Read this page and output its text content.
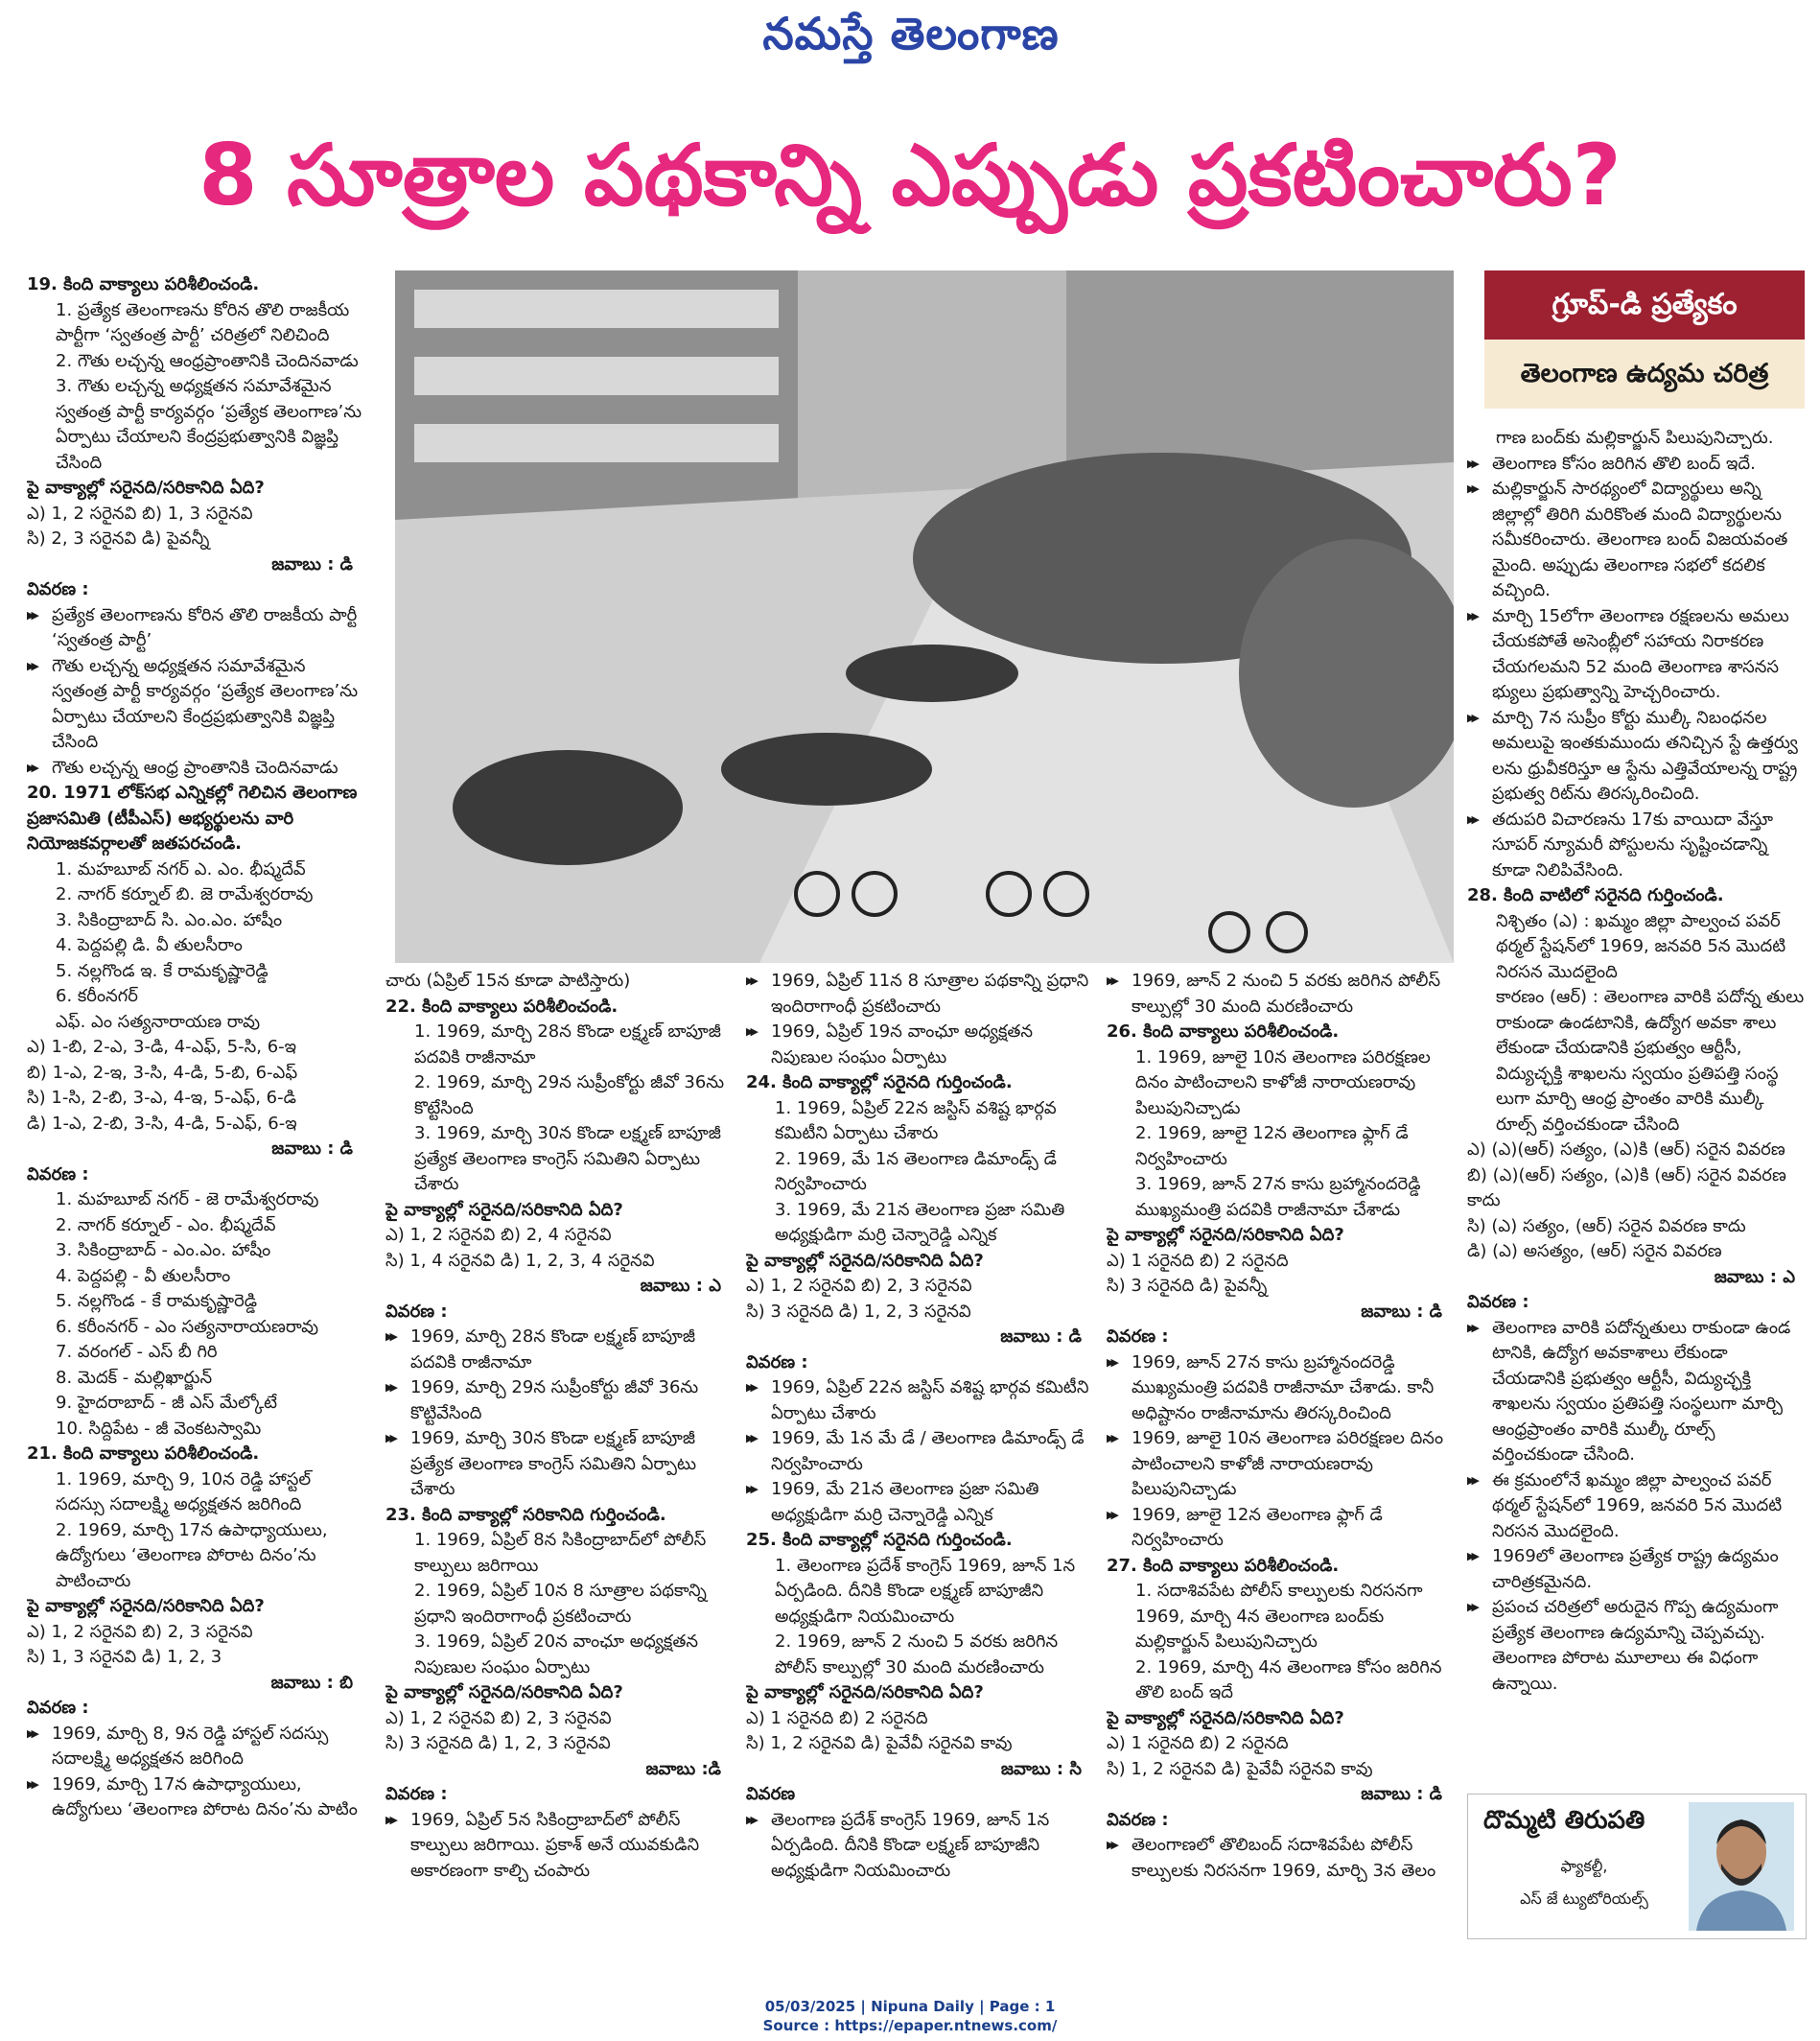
నమస్తే తెలంగాణ
8 సూత్రాల పథకాన్ని ఎప్పుడు ప్రకటించారు?

19. కింది వాక్యాలు పరిశీలించండి.

1. ప్రత్యేక తెలంగాణను కోరిన తొలి రాజకీయ పార్టీగా ‘స్వతంత్ర పార్టీ’ చరిత్రలో నిలిచింది

2. గౌతు లచ్చన్న ఆంధ్రప్రాంతానికి చెందినవాడు

3. గౌతు లచ్చన్న అధ్యక్షతన సమావేశమైన స్వతంత్ర పార్టీ కార్యవర్గం ‘ప్రత్యేక తెలంగాణ’ను ఏర్పాటు చేయాలని కేంద్రప్రభుత్వానికి విజ్ఞప్తి చేసింది

పై వాక్యాల్లో సరైనది/సరికానిది ఏది?

ఎ) 1, 2 సరైనవి బి) 1, 3 సరైనవి

సి) 2, 3 సరైనవి డి) పైవన్నీ

జవాబు : డి

వివరణ :

▶▶ ప్రత్యేక తెలంగాణను కోరిన తొలి రాజకీయ పార్టీ ‘స్వతంత్ర పార్టీ’

▶▶ గౌతు లచ్చన్న అధ్యక్షతన సమావేశమైన స్వతంత్ర పార్టీ కార్యవర్గం ‘ప్రత్యేక తెలంగాణ’ను ఏర్పాటు చేయాలని కేంద్రప్రభుత్వానికి విజ్ఞప్తి చేసింది

▶▶ గౌతు లచ్చన్న ఆంధ్ర ప్రాంతానికి చెందినవాడు

20. 1971 లోక్‌సభ ఎన్నికల్లో గెలిచిన తెలంగాణ ప్రజాసమితి (టీపీఎస్) అభ్యర్థులను వారి నియోజకవర్గాలతో జతపరచండి.

1. మహబూబ్ నగర్ ఎ. ఎం. భీష్మదేవ్

2. నాగర్ కర్నూల్ బి. జె రామేశ్వరరావు

3. సికింద్రాబాద్ సి. ఎం.ఎం. హాషీం

4. పెద్దపల్లి డి. వీ తులసీరాం

5. నల్లగొండ ఇ. కే రామకృష్ణారెడ్డి

6. కరీంనగర్

ఎఫ్. ఎం సత్యనారాయణ రావు

ఎ) 1-బి, 2-ఎ, 3-డి, 4-ఎఫ్, 5-సి, 6-ఇ

బి) 1-ఎ, 2-ఇ, 3-సి, 4-డి, 5-బి, 6-ఎఫ్

సి) 1-సి, 2-బి, 3-ఎ, 4-ఇ, 5-ఎఫ్, 6-డి

డి) 1-ఎ, 2-బి, 3-సి, 4-డి, 5-ఎఫ్, 6-ఇ

జవాబు : డి

వివరణ :

1. మహబూబ్ నగర్ - జె రామేశ్వరరావు

2. నాగర్ కర్నూల్ - ఎం. భీష్మదేవ్

3. సికింద్రాబాద్ - ఎం.ఎం. హాషీం

4. పెద్దపల్లి - వీ తులసీరాం

5. నల్లగొండ - కే రామకృష్ణారెడ్డి

6. కరీంనగర్ - ఎం సత్యనారాయణరావు

7. వరంగల్ - ఎస్ బీ గిరి

8. మెదక్ - మల్లిఖార్జున్

9. హైదరాబాద్ - జీ ఎస్ మేల్కోటే

10. సిద్దిపేట - జీ వెంకటస్వామి

21. కింది వాక్యాలు పరిశీలించండి.

1. 1969, మార్చి 9, 10న రెడ్డి హాస్టల్ సదస్సు సదాలక్ష్మి అధ్యక్షతన జరిగింది

2. 1969, మార్చి 17న ఉపాధ్యాయులు, ఉద్యోగులు ‘తెలంగాణ పోరాట దినం’ను పాటించారు

పై వాక్యాల్లో సరైనది/సరికానిది ఏది?

ఎ) 1, 2 సరైనవి బి) 2, 3 సరైనవి

సి) 1, 3 సరైనవి డి) 1, 2, 3

జవాబు : బి

వివరణ :

▶▶ 1969, మార్చి 8, 9న రెడ్డి హాస్టల్ సదస్సు సదాలక్ష్మి అధ్యక్షతన జరిగింది

▶▶ 1969, మార్చి 17న ఉపాధ్యాయులు, ఉద్యోగులు ‘తెలంగాణ పోరాట దినం’ను పాటిం

గ్రూప్-డి ప్రత్యేకం
తెలంగాణ ఉద్యమ చరిత్ర

చారు (ఏప్రిల్ 15న కూడా పాటిస్తారు)

22. కింది వాక్యాలు పరిశీలించండి.

1. 1969, మార్చి 28న కొండా లక్ష్మణ్ బాపూజీ పదవికి రాజీనామా

2. 1969, మార్చి 29న సుప్రీంకోర్టు జీవో 36ను కొట్టేసింది

3. 1969, మార్చి 30న కొండా లక్ష్మణ్ బాపూజీ ప్రత్యేక తెలంగాణ కాంగ్రెస్ సమితిని ఏర్పాటు చేశారు

పై వాక్యాల్లో సరైనది/సరికానిది ఏది?

ఎ) 1, 2 సరైనవి బి) 2, 4 సరైనవి

సి) 1, 4 సరైనవి డి) 1, 2, 3, 4 సరైనవి

జవాబు : ఎ

వివరణ :

▶▶ 1969, మార్చి 28న కొండా లక్ష్మణ్ బాపూజీ పదవికి రాజీనామా

▶▶ 1969, మార్చి 29న సుప్రీంకోర్టు జీవో 36ను కొట్టివేసింది

▶▶ 1969, మార్చి 30న కొండా లక్ష్మణ్ బాపూజీ ప్రత్యేక తెలంగాణ కాంగ్రెస్ సమితిని ఏర్పాటు చేశారు

23. కింది వాక్యాల్లో సరికానిది గుర్తించండి.

1. 1969, ఏప్రిల్ 8న సికింద్రాబాద్‌లో పోలీస్ కాల్పులు జరిగాయి

2. 1969, ఏప్రిల్ 10న 8 సూత్రాల పథకాన్ని ప్రధాని ఇందిరాగాంధీ ప్రకటించారు

3. 1969, ఏప్రిల్ 20న వాంఛూ అధ్యక్షతన నిపుణుల సంఘం ఏర్పాటు

పై వాక్యాల్లో సరైనది/సరికానిది ఏది?

ఎ) 1, 2 సరైనవి బి) 2, 3 సరైనవి

సి) 3 సరైనది డి) 1, 2, 3 సరైనవి

జవాబు :డి

వివరణ :

▶▶ 1969, ఏప్రిల్ 5న సికింద్రాబాద్‌లో పోలీస్ కాల్పులు జరిగాయి. ప్రకాశ్ అనే యువకుడిని అకారణంగా కాల్చి చంపారు

▶▶ 1969, ఏప్రిల్ 11న 8 సూత్రాల పథకాన్ని ప్రధాని ఇందిరాగాంధీ ప్రకటించారు

▶▶ 1969, ఏప్రిల్ 19న వాంఛూ అధ్యక్షతన నిపుణుల సంఘం ఏర్పాటు

24. కింది వాక్యాల్లో సరైనది గుర్తించండి.

1. 1969, ఏప్రిల్ 22న జస్టిస్ వశిష్ట భార్గవ కమిటీని ఏర్పాటు చేశారు

2. 1969, మే 1న తెలంగాణ డిమాండ్స్ డే నిర్వహించారు

3. 1969, మే 21న తెలంగాణ ప్రజా సమితి అధ్యక్షుడిగా మర్రి చెన్నారెడ్డి ఎన్నిక

పై వాక్యాల్లో సరైనది/సరికానిది ఏది?

ఎ) 1, 2 సరైనవి బి) 2, 3 సరైనవి

సి) 3 సరైనది డి) 1, 2, 3 సరైనవి

జవాబు : డి

వివరణ :

▶▶ 1969, ఏప్రిల్ 22న జస్టిస్ వశిష్ట భార్గవ కమిటీని ఏర్పాటు చేశారు

▶▶ 1969, మే 1న మే డే / తెలంగాణ డిమాండ్స్ డే నిర్వహించారు

▶▶ 1969, మే 21న తెలంగాణ ప్రజా సమితి అధ్యక్షుడిగా మర్రి చెన్నారెడ్డి ఎన్నిక

25. కింది వాక్యాల్లో సరైనది గుర్తించండి.

1. తెలంగాణ ప్రదేశ్ కాంగ్రెస్ 1969, జూన్ 1న ఏర్పడింది. దీనికి కొండా లక్ష్మణ్ బాపూజీని అధ్యక్షుడిగా నియమించారు

2. 1969, జూన్ 2 నుంచి 5 వరకు జరిగిన పోలీస్ కాల్పుల్లో 30 మంది మరణించారు

పై వాక్యాల్లో సరైనది/సరికానిది ఏది?

ఎ) 1 సరైనది బి) 2 సరైనది

సి) 1, 2 సరైనవి డి) పైవేవీ సరైనవి కావు

జవాబు : సి

వివరణ

▶▶ తెలంగాణ ప్రదేశ్ కాంగ్రెస్ 1969, జూన్ 1న ఏర్పడింది. దీనికి కొండా లక్ష్మణ్ బాపూజీని అధ్యక్షుడిగా నియమించారు

▶▶ 1969, జూన్ 2 నుంచి 5 వరకు జరిగిన పోలీస్ కాల్పుల్లో 30 మంది మరణించారు

26. కింది వాక్యాలు పరిశీలించండి.

1. 1969, జూలై 10న తెలంగాణ పరిరక్షణల దినం పాటించాలని కాళోజీ నారాయణరావు పిలుపునిచ్చాడు

2. 1969, జూలై 12న తెలంగాణ ఫ్లాగ్ డే నిర్వహించారు

3. 1969, జూన్ 27న కాసు బ్రహ్మానందరెడ్డి ముఖ్యమంత్రి పదవికి రాజీనామా చేశాడు

పై వాక్యాల్లో సరైనది/సరికానిది ఏది?

ఎ) 1 సరైనది బి) 2 సరైనది

సి) 3 సరైనది డి) పైవన్నీ

జవాబు : డి

వివరణ :

▶▶ 1969, జూన్ 27న కాసు బ్రహ్మానందరెడ్డి ముఖ్యమంత్రి పదవికి రాజీనామా చేశాడు. కానీ అధిష్టానం రాజీనామాను తిరస్కరించింది

▶▶ 1969, జూలై 10న తెలంగాణ పరిరక్షణల దినం పాటించాలని కాళోజీ నారాయణరావు పిలుపునిచ్చాడు

▶▶ 1969, జూలై 12న తెలంగాణ ఫ్లాగ్ డే నిర్వహించారు

27. కింది వాక్యాలు పరిశీలించండి.

1. సదాశివపేట పోలీస్ కాల్పులకు నిరసనగా 1969, మార్చి 4న తెలంగాణ బంద్‌కు మల్లికార్జున్ పిలుపునిచ్చారు

2. 1969, మార్చి 4న తెలంగాణ కోసం జరిగిన తొలి బంద్ ఇదే

పై వాక్యాల్లో సరైనది/సరికానిది ఏది?

ఎ) 1 సరైనది బి) 2 సరైనది

సి) 1, 2 సరైనవి డి) పైవేవీ సరైనవి కావు

జవాబు : డి

వివరణ :

▶▶ తెలంగాణలో తొలిబంద్ సదాశివపేట పోలీస్ కాల్పులకు నిరసనగా 1969, మార్చి 3న తెలం

గాణ బంద్‌కు మల్లికార్జున్ పిలుపునిచ్చారు.

▶▶ తెలంగాణ కోసం జరిగిన తొలి బంద్ ఇదే.

▶▶ మల్లికార్జున్ సారథ్యంలో విద్యార్థులు అన్ని జిల్లాల్లో తిరిగి మరికొంత మంది విద్యార్థులను సమీకరించారు. తెలంగాణ బంద్ విజయవంత మైంది. అప్పుడు తెలంగాణ సభలో కదలిక వచ్చింది.

▶▶ మార్చి 15లోగా తెలంగాణ రక్షణలను అమలు చేయకపోతే అసెంబ్లీలో సహాయ నిరాకరణ చేయగలమని 52 మంది తెలంగాణ శాసనస భ్యులు ప్రభుత్వాన్ని హెచ్చరించారు.

▶▶ మార్చి 7న సుప్రీం కోర్టు ముల్కీ నిబంధనల అమలుపై ఇంతకుముందు తనిచ్చిన స్టే ఉత్తర్వు లను ధ్రువీకరిస్తూ ఆ స్టేను ఎత్తివేయాలన్న రాష్ట్ర ప్రభుత్వ రిట్‌ను తిరస్కరించింది.

▶▶ తదుపరి విచారణను 17కు వాయిదా వేస్తూ సూపర్ న్యూమరీ పోస్టులను సృష్టించడాన్ని కూడా నిలిపివేసింది.

28. కింది వాటిలో సరైనది గుర్తించండి.

నిశ్చితం (ఎ) : ఖమ్మం జిల్లా పాల్వంచ పవర్ థర్మల్ స్టేషన్‌లో 1969, జనవరి 5న మొదటి నిరసన మొదలైంది

కారణం (ఆర్) : తెలంగాణ వారికి పదోన్న తులు రాకుండా ఉండటానికి, ఉద్యోగ అవకా శాలు లేకుండా చేయడానికి ప్రభుత్వం ఆర్టీసీ, విద్యుచ్ఛక్తి శాఖలను స్వయం ప్రతిపత్తి సంస్థ లుగా మార్చి ఆంధ్ర ప్రాంతం వారికి ముల్కీ రూల్స్ వర్తించకుండా చేసింది

ఎ) (ఎ)(ఆర్) సత్యం, (ఎ)కి (ఆర్) సరైన వివరణ

బి) (ఎ)(ఆర్) సత్యం, (ఎ)కి (ఆర్) సరైన వివరణ కాదు

సి) (ఎ) సత్యం, (ఆర్) సరైన వివరణ కాదు

డి) (ఎ) అసత్యం, (ఆర్) సరైన వివరణ

జవాబు : ఎ

వివరణ :

▶▶ తెలంగాణ వారికి పదోన్నతులు రాకుండా ఉండ టానికి, ఉద్యోగ అవకాశాలు లేకుండా చేయడానికి ప్రభుత్వం ఆర్టీసీ, విద్యుచ్ఛక్తి శాఖలను స్వయం ప్రతిపత్తి సంస్థలుగా మార్చి ఆంధ్రప్రాంతం వారికి ముల్కీ రూల్స్ వర్తించకుండా చేసింది.

▶▶ ఈ క్రమంలోనే ఖమ్మం జిల్లా పాల్వంచ పవర్ థర్మల్ స్టేషన్‌లో 1969, జనవరి 5న మొదటి నిరసన మొదలైంది.

▶▶ 1969లో తెలంగాణ ప్రత్యేక రాష్ట్ర ఉద్యమం చారిత్రకమైనది.

▶▶ ప్రపంచ చరిత్రలో అరుదైన గొప్ప ఉద్యమంగా ప్రత్యేక తెలంగాణ ఉద్యమాన్ని చెప్పవచ్చు. తెలంగాణ పోరాట మూలాలు ఈ విధంగా ఉన్నాయి.

దొమ్మటి తిరుపతి
ఫ్యాకల్టీ,
ఎస్ జే ట్యుటోరియల్స్
05/03/2025 | Nipuna Daily | Page : 1
Source : https://epaper.ntnews.com/
